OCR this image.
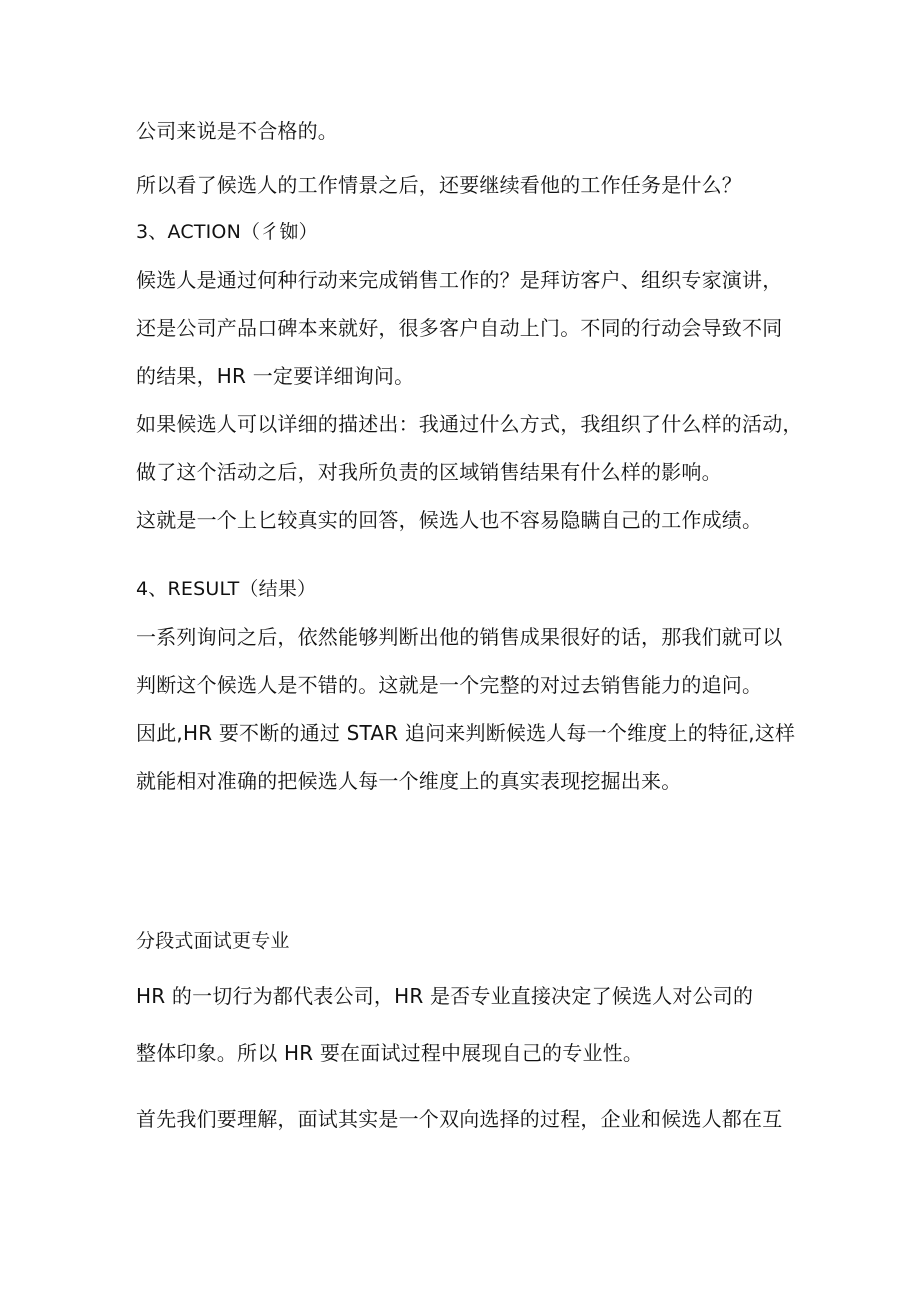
公司来说是不合格的。
所以看了候选人的工作情景之后，还要继续看他的工作任务是什么？
3、ACTION（彳铷）
候选人是通过何种行动来完成销售工作的？是拜访客户、组织专家演讲，
还是公司产品口碑本来就好，很多客户自动上门。不同的行动会导致不同
的结果，HR 一定要详细询问。
如果候选人可以详细的描述出：我通过什么方式，我组织了什么样的活动，
做了这个活动之后，对我所负责的区域销售结果有什么样的影响。
这就是一个上匕较真实的回答，候选人也不容易隐瞒自己的工作成绩。
4、RESULT（结果）
一系列询问之后，依然能够判断出他的销售成果很好的话，那我们就可以
判断这个候选人是不错的。这就是一个完整的对过去销售能力的追问。
因此,HR 要不断的通过 STAR 追问来判断候选人每一个维度上的特征,这样
就能相对准确的把候选人每一个维度上的真实表现挖掘出来。
分段式面试更专业
HR 的一切行为都代表公司，HR 是否专业直接决定了候选人对公司的
整体印象。所以 HR 要在面试过程中展现自己的专业性。
首先我们要理解，面试其实是一个双向选择的过程，企业和候选人都在互
